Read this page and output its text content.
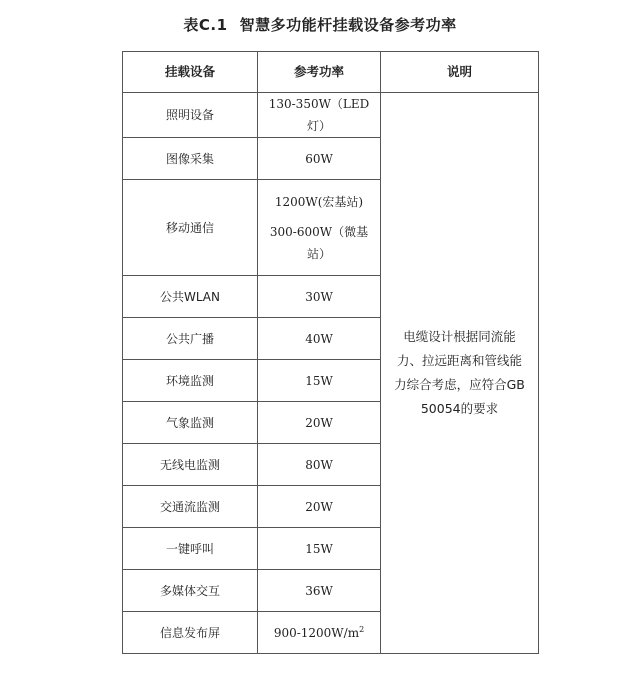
表C.1 智慧多功能杆挂载设备参考功率
挂载设备	参考功率	说明
照明设备	130-350W（LED灯）	电缆设计根据同流能力、拉远距离和管线能力综合考虑，应符合GB 50054的要求
图像采集	60W	
移动通信	1200W(宏基站)
300-600W（微基站）	

公共WLAN	30W	
公共广播	40W	
环境监测	15W	
气象监测	20W	
无线电监测	80W	
交通流监测	20W	
一键呼叫	15W	
多媒体交互	36W	
信息发布屏	$900-1200W/m^2$
